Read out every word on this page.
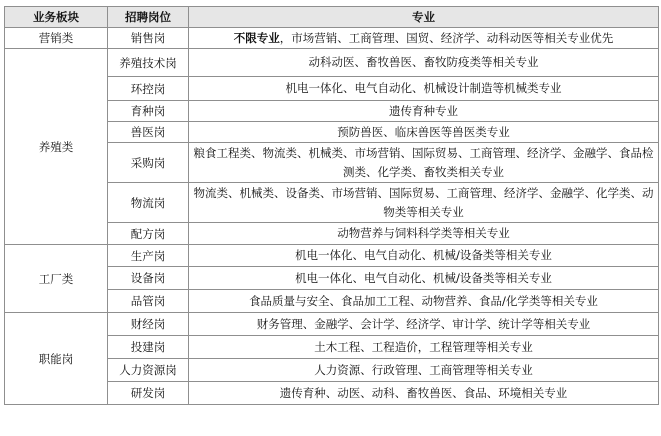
业务板块	招聘岗位	专业
营销类	销售岗	不限专业，市场营销、工商管理、国贸、经济学、动科动医等相关专业优先
养殖类	养殖技术岗	动科动医、畜牧兽医、畜牧防疫类等相关专业
	环控岗	机电一体化、电气自动化、机械设计制造等机械类专业
	育种岗	遗传育种专业
	兽医岗	预防兽医、临床兽医等兽医类专业
	采购岗	粮食工程类、物流类、机械类、市场营销、国际贸易、工商管理、经济学、金融学、食品检测类、化学类、畜牧类相关专业
	物流岗	物流类、机械类、设备类、市场营销、国际贸易、工商管理、经济学、金融学、化学类、动物类等相关专业
	配方岗	动物营养与饲料科学类等相关专业
工厂类	生产岗	机电一体化、电气自动化、机械/设备类等相关专业
	设备岗	机电一体化、电气自动化、机械/设备类等相关专业
	品管岗	食品质量与安全、食品加工工程、动物营养、食品/化学类等相关专业
职能岗	财经岗	财务管理、金融学、会计学、经济学、审计学、统计学等相关专业
	投建岗	土木工程、工程造价，工程管理等相关专业
	人力资源岗	人力资源、行政管理、工商管理等相关专业
	研发岗	遗传育种、动医、动科、畜牧兽医、食品、环境相关专业
